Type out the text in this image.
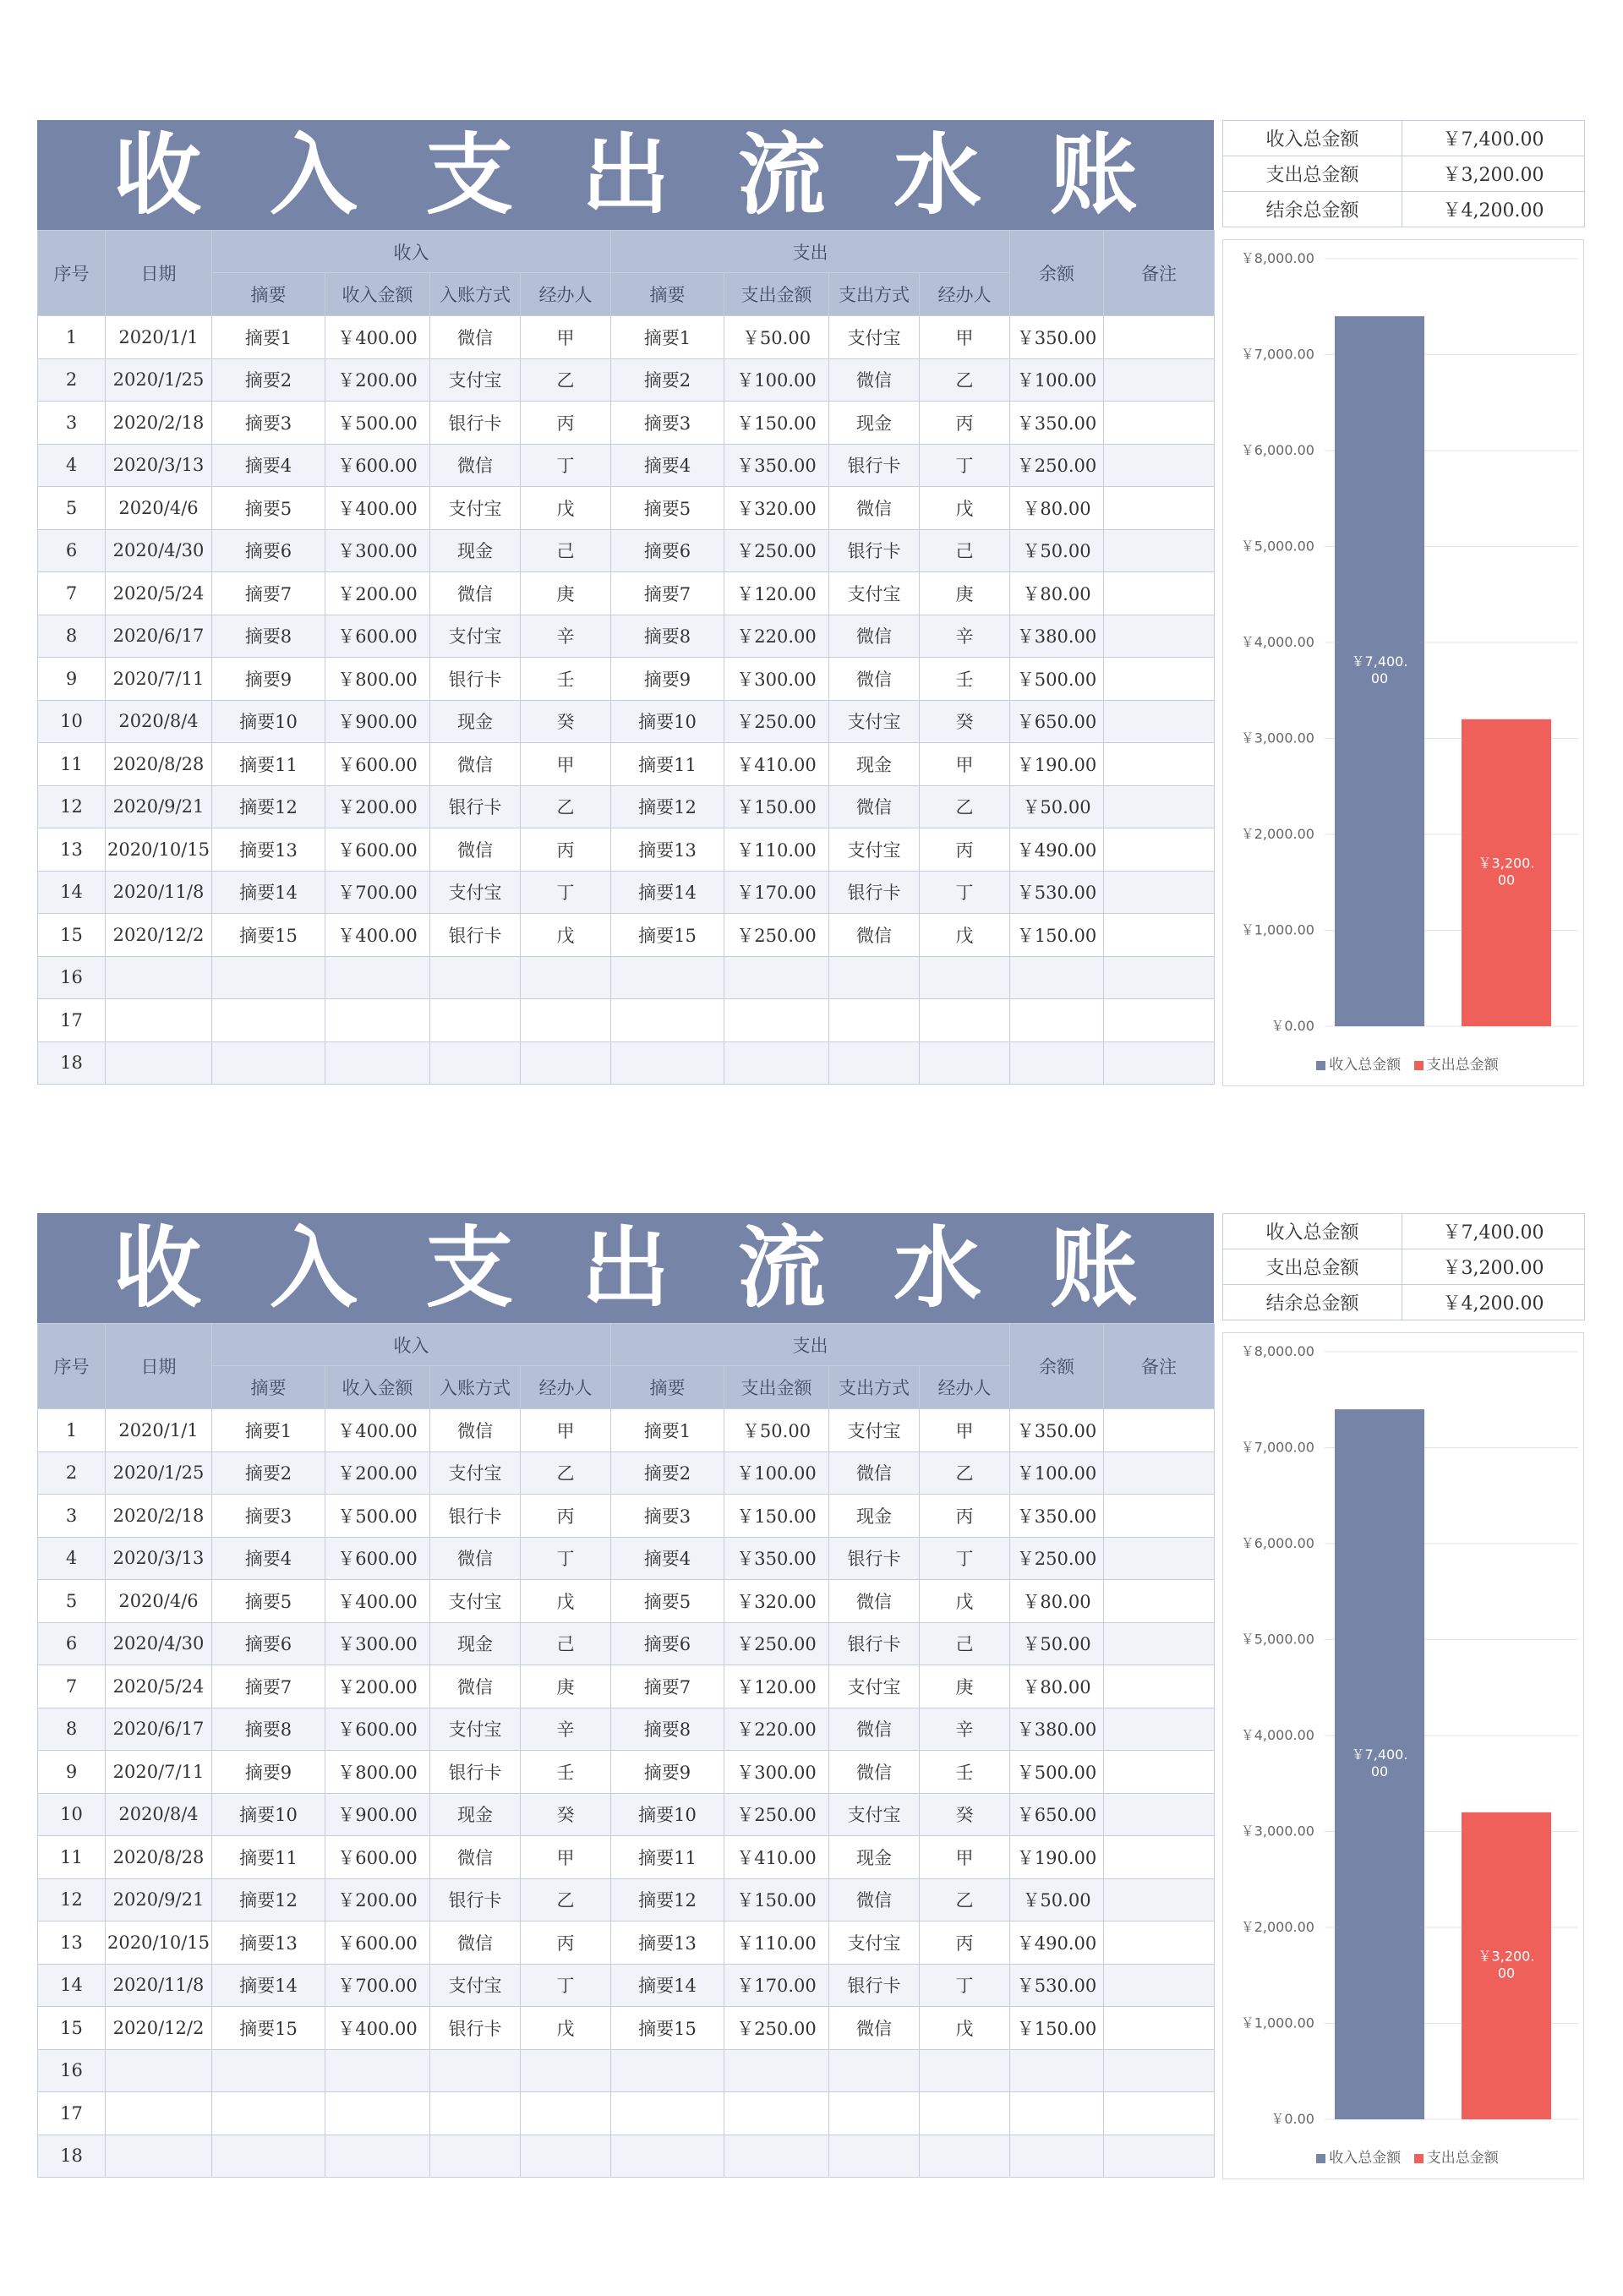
收 入 支 出 流 水 账
序号	日期	收入				支出				余额	备注
		摘要	收入金额	入账方式	经办人	摘要	支出金额	支出方式	经办人		
1	2020/1/1	摘要1	￥400.00	微信	甲	摘要1	￥50.00	支付宝	甲	￥350.00	
2	2020/1/25	摘要2	￥200.00	支付宝	乙	摘要2	￥100.00	微信	乙	￥100.00	
3	2020/2/18	摘要3	￥500.00	银行卡	丙	摘要3	￥150.00	现金	丙	￥350.00	
4	2020/3/13	摘要4	￥600.00	微信	丁	摘要4	￥350.00	银行卡	丁	￥250.00	
5	2020/4/6	摘要5	￥400.00	支付宝	戊	摘要5	￥320.00	微信	戊	￥80.00	
6	2020/4/30	摘要6	￥300.00	现金	己	摘要6	￥250.00	银行卡	己	￥50.00	
7	2020/5/24	摘要7	￥200.00	微信	庚	摘要7	￥120.00	支付宝	庚	￥80.00	
8	2020/6/17	摘要8	￥600.00	支付宝	辛	摘要8	￥220.00	微信	辛	￥380.00	
9	2020/7/11	摘要9	￥800.00	银行卡	壬	摘要9	￥300.00	微信	壬	￥500.00	
10	2020/8/4	摘要10	￥900.00	现金	癸	摘要10	￥250.00	支付宝	癸	￥650.00	
11	2020/8/28	摘要11	￥600.00	微信	甲	摘要11	￥410.00	现金	甲	￥190.00	
12	2020/9/21	摘要12	￥200.00	银行卡	乙	摘要12	￥150.00	微信	乙	￥50.00	
13	2020/10/15	摘要13	￥600.00	微信	丙	摘要13	￥110.00	支付宝	丙	￥490.00	
14	2020/11/8	摘要14	￥700.00	支付宝	丁	摘要14	￥170.00	银行卡	丁	￥530.00	
15	2020/12/2	摘要15	￥400.00	银行卡	戊	摘要15	￥250.00	微信	戊	￥150.00	
16											
17											
18											
收入总金额	￥7,400.00
支出总金额	￥3,200.00
结余总金额	￥4,200.00
￥0.00
￥1,000.00
￥2,000.00
￥3,000.00
￥4,000.00
￥5,000.00
￥6,000.00
￥7,000.00
￥8,000.00
￥7,400.
00
￥3,200.
00
收入总金额 支出总金额
收 入 支 出 流 水 账
序号	日期	收入				支出				余额	备注
		摘要	收入金额	入账方式	经办人	摘要	支出金额	支出方式	经办人		
1	2020/1/1	摘要1	￥400.00	微信	甲	摘要1	￥50.00	支付宝	甲	￥350.00	
2	2020/1/25	摘要2	￥200.00	支付宝	乙	摘要2	￥100.00	微信	乙	￥100.00	
3	2020/2/18	摘要3	￥500.00	银行卡	丙	摘要3	￥150.00	现金	丙	￥350.00	
4	2020/3/13	摘要4	￥600.00	微信	丁	摘要4	￥350.00	银行卡	丁	￥250.00	
5	2020/4/6	摘要5	￥400.00	支付宝	戊	摘要5	￥320.00	微信	戊	￥80.00	
6	2020/4/30	摘要6	￥300.00	现金	己	摘要6	￥250.00	银行卡	己	￥50.00	
7	2020/5/24	摘要7	￥200.00	微信	庚	摘要7	￥120.00	支付宝	庚	￥80.00	
8	2020/6/17	摘要8	￥600.00	支付宝	辛	摘要8	￥220.00	微信	辛	￥380.00	
9	2020/7/11	摘要9	￥800.00	银行卡	壬	摘要9	￥300.00	微信	壬	￥500.00	
10	2020/8/4	摘要10	￥900.00	现金	癸	摘要10	￥250.00	支付宝	癸	￥650.00	
11	2020/8/28	摘要11	￥600.00	微信	甲	摘要11	￥410.00	现金	甲	￥190.00	
12	2020/9/21	摘要12	￥200.00	银行卡	乙	摘要12	￥150.00	微信	乙	￥50.00	
13	2020/10/15	摘要13	￥600.00	微信	丙	摘要13	￥110.00	支付宝	丙	￥490.00	
14	2020/11/8	摘要14	￥700.00	支付宝	丁	摘要14	￥170.00	银行卡	丁	￥530.00	
15	2020/12/2	摘要15	￥400.00	银行卡	戊	摘要15	￥250.00	微信	戊	￥150.00	
16											
17											
18											
收入总金额	￥7,400.00
支出总金额	￥3,200.00
结余总金额	￥4,200.00
￥0.00
￥1,000.00
￥2,000.00
￥3,000.00
￥4,000.00
￥5,000.00
￥6,000.00
￥7,000.00
￥8,000.00
￥7,400.
00
￥3,200.
00
收入总金额 支出总金额
